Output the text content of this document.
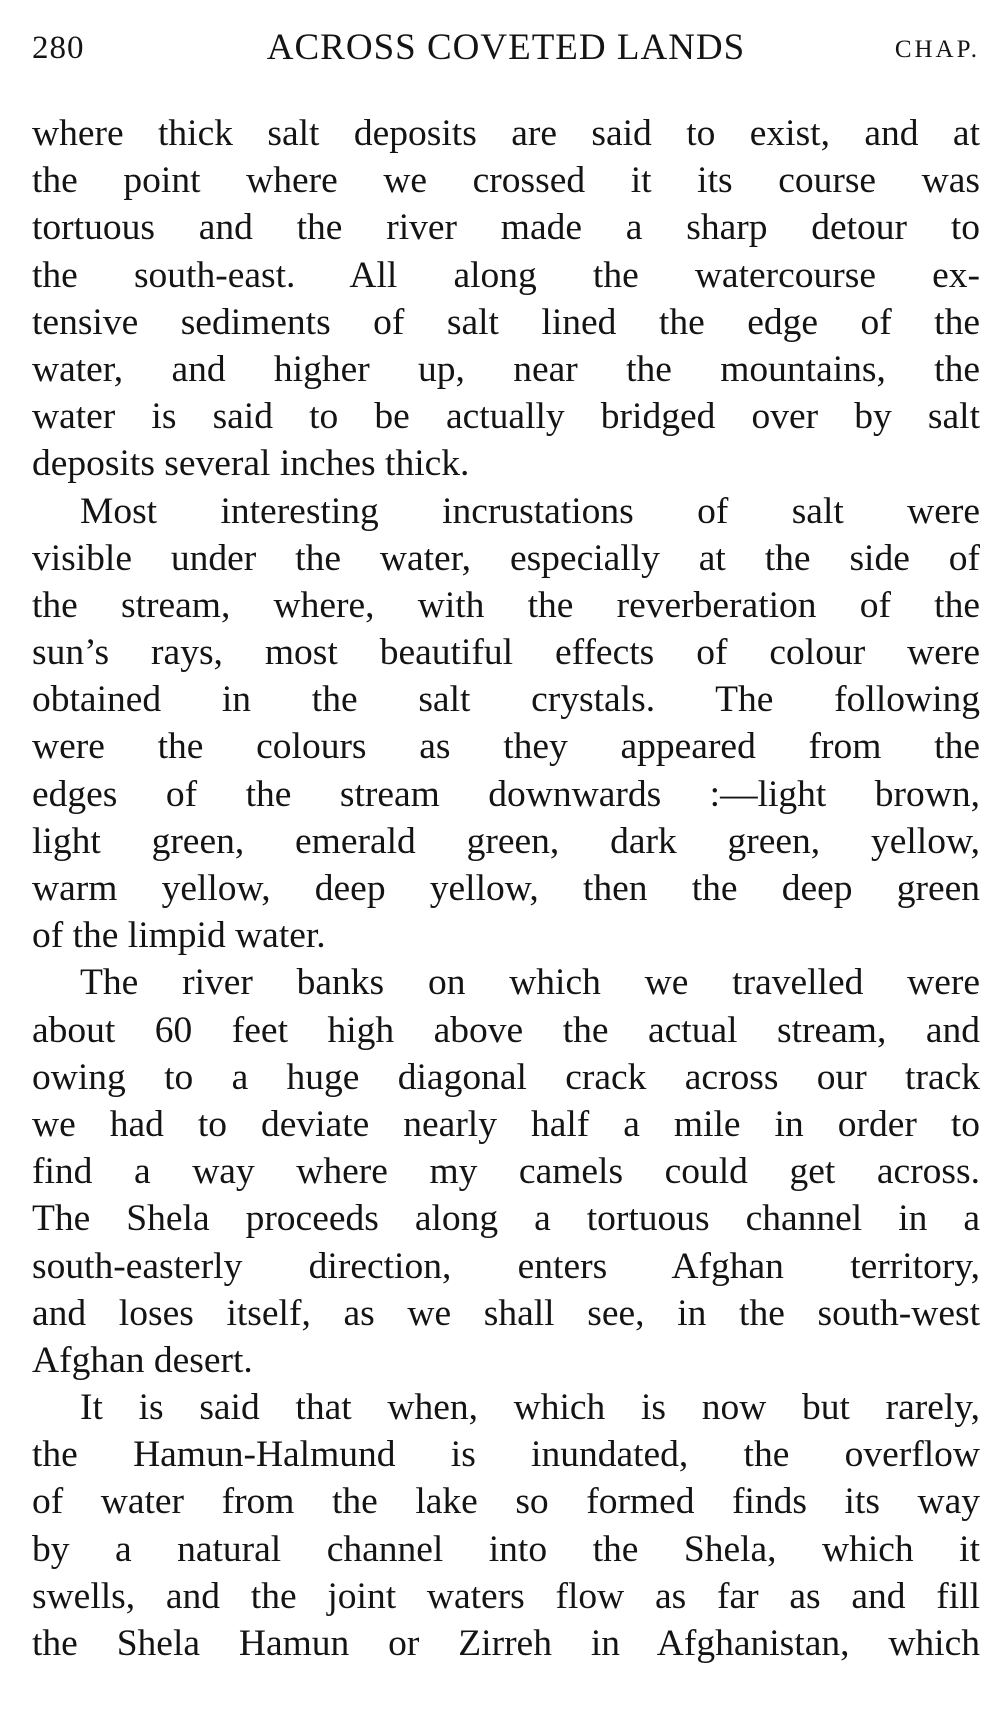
280	ACROSS COVETED LANDS	CHAP.
where thick salt deposits are said to exist, and at
the point where we crossed it its course was
tortuous and the river made a sharp detour to
the south-east. All along the watercourse ex-
tensive sediments of salt lined the edge of the
water, and higher up, near the mountains, the
water is said to be actually bridged over by salt
deposits several inches thick.
Most interesting incrustations of salt were
visible under the water, especially at the side of
the stream, where, with the reverberation of the
sun’s rays, most beautiful effects of colour were
obtained in the salt crystals. The following
were the colours as they appeared from the
edges of the stream downwards :—light brown,
light green, emerald green, dark green, yellow,
warm yellow, deep yellow, then the deep green
of the limpid water.
The river banks on which we travelled were
about 60 feet high above the actual stream, and
owing to a huge diagonal crack across our track
we had to deviate nearly half a mile in order to
find a way where my camels could get across.
The Shela proceeds along a tortuous channel in a
south-easterly direction, enters Afghan territory,
and loses itself, as we shall see, in the south-west
Afghan desert.
It is said that when, which is now but rarely,
the Hamun-Halmund is inundated, the overflow
of water from the lake so formed finds its way
by a natural channel into the Shela, which it
swells, and the joint waters flow as far as and fill
the Shela Hamun or Zirreh in Afghanistan, which
